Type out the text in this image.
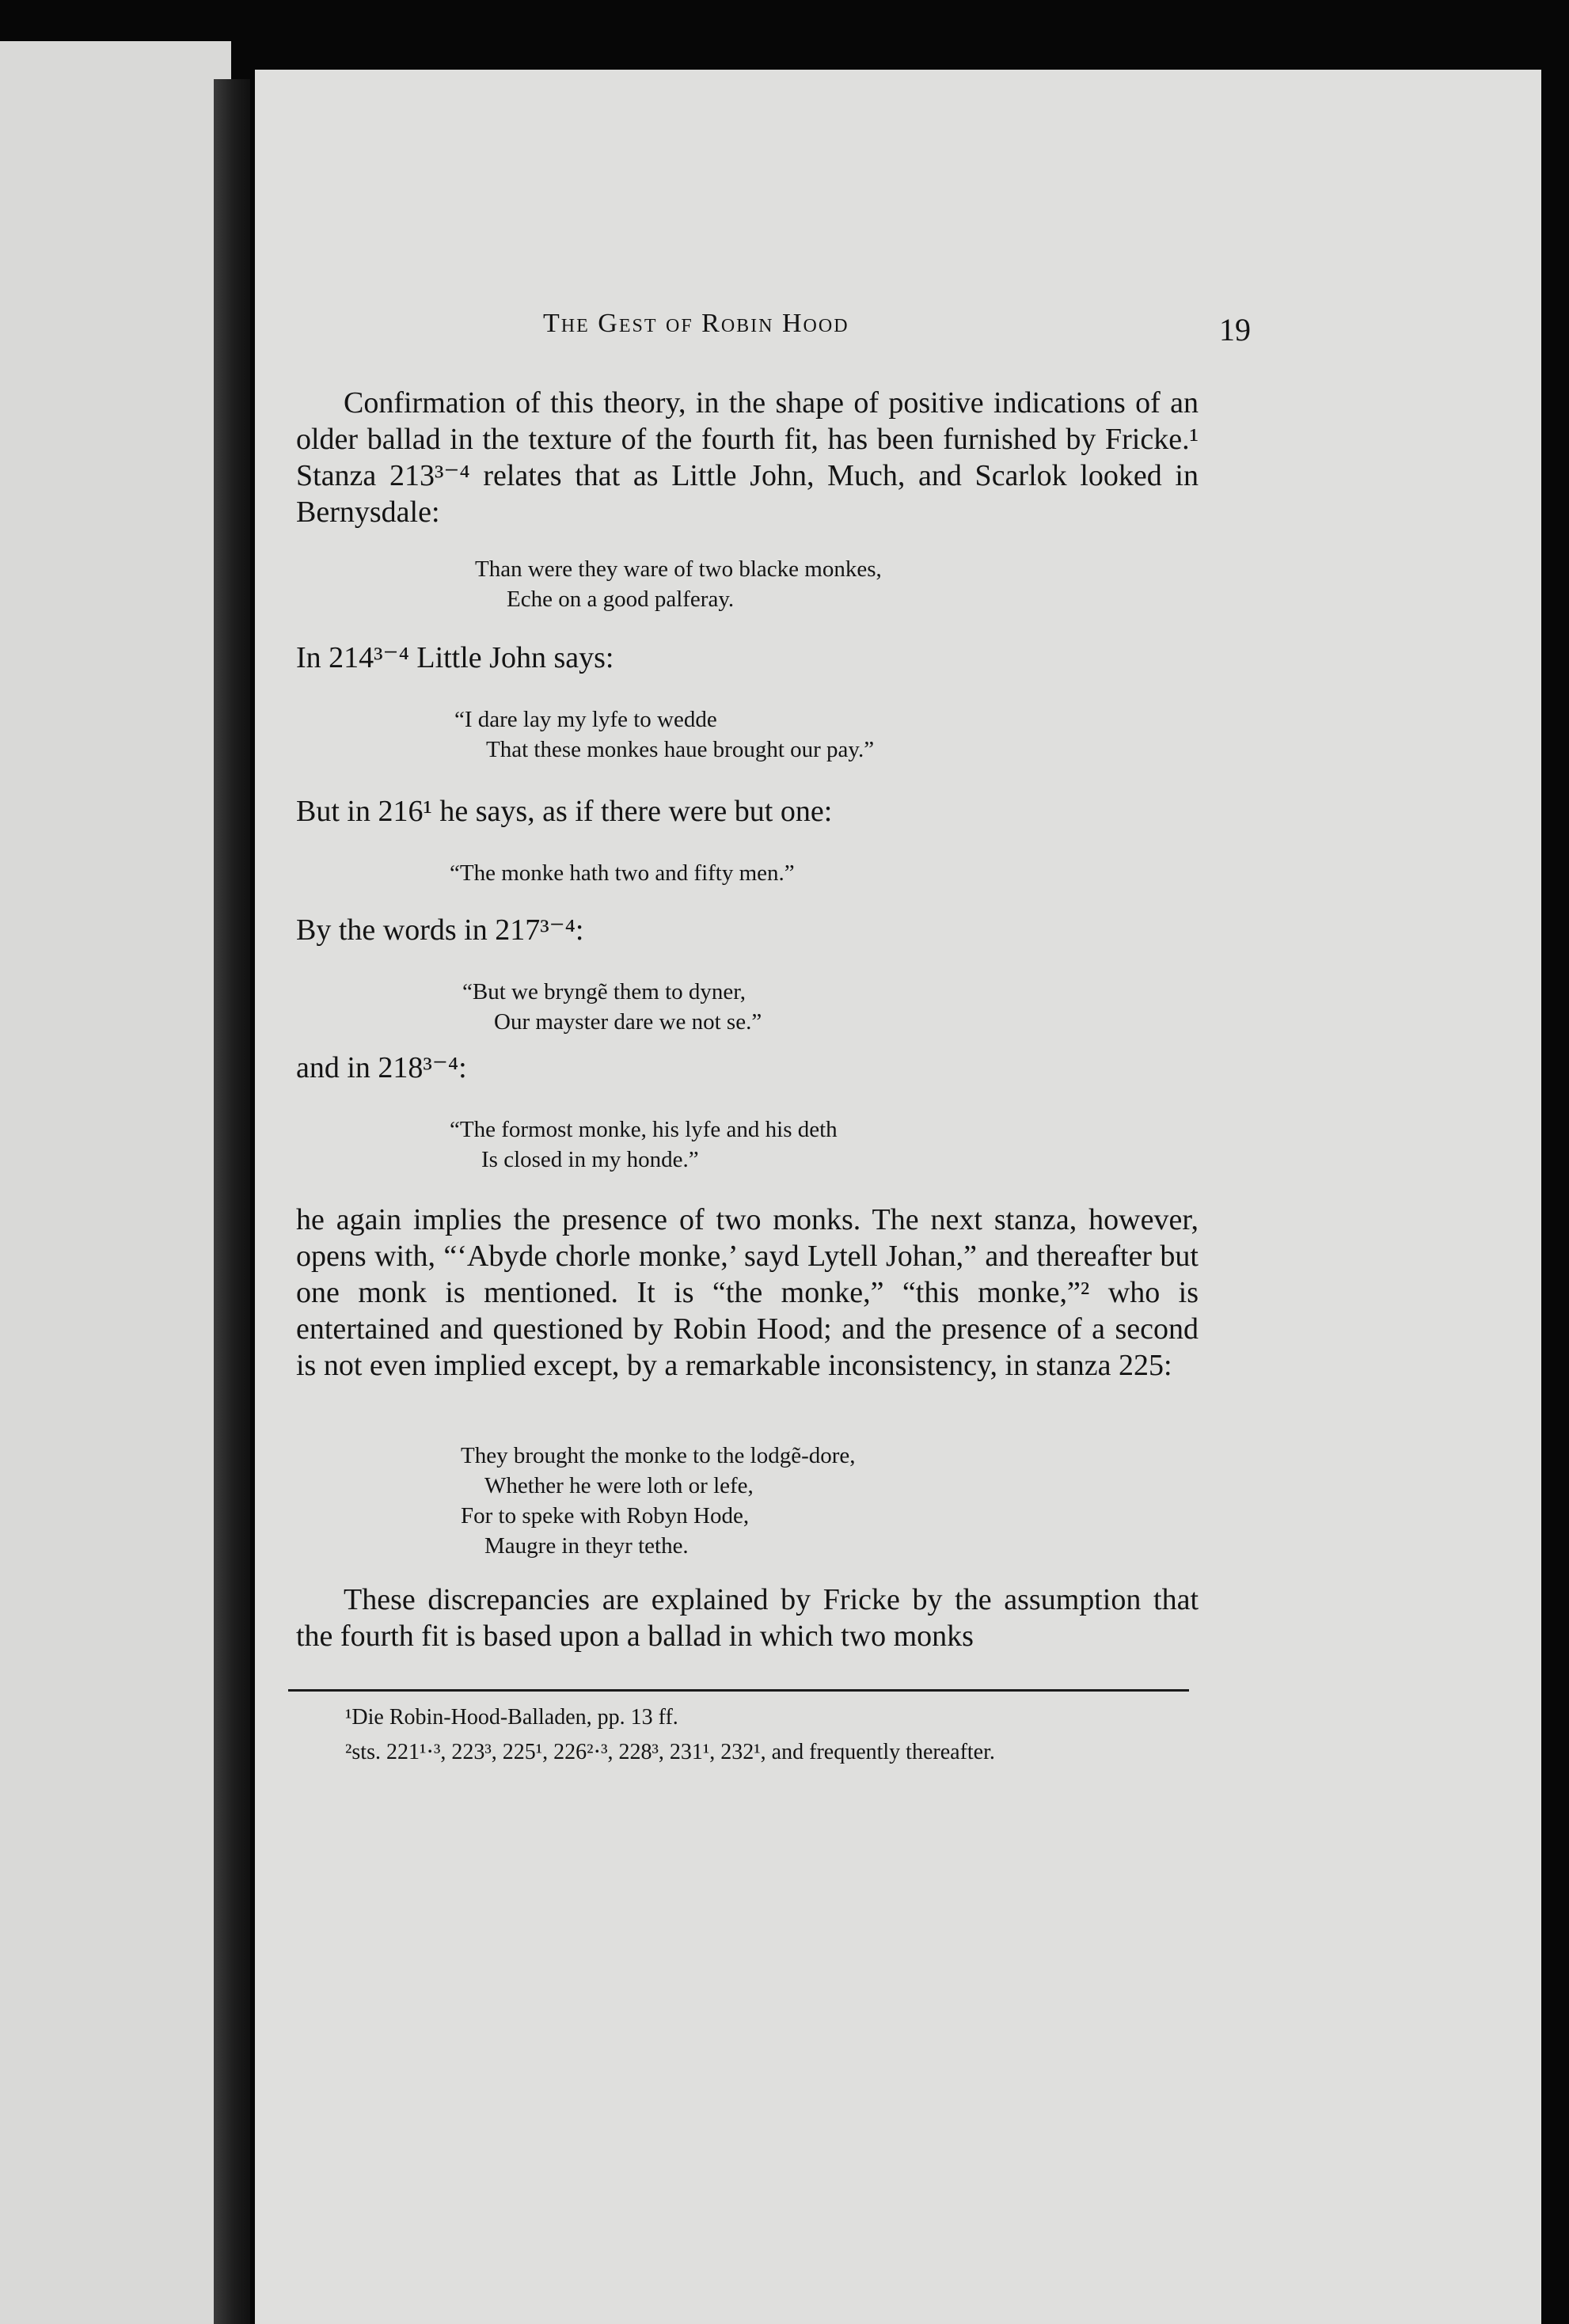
The Gest of Robin Hood	19
Confirmation of this theory, in the shape of positive indications of an older ballad in the texture of the fourth fit, has been furnished by Fricke.¹ Stanza 213³⁻⁴ relates that as Little John, Much, and Scarlok looked in Bernysdale:
Than were they ware of two blacke monkes,
Eche on a good palferay.
In 214³⁻⁴ Little John says:
“I dare lay my lyfe to wedde
That these monkes haue brought our pay.”
But in 216¹ he says, as if there were but one:
“The monke hath two and fifty men.”
By the words in 217³⁻⁴:
“But we bryngẽ them to dyner,
Our mayster dare we not se.”
and in 218³⁻⁴:
“The formost monke, his lyfe and his deth
Is closed in my honde.”
he again implies the presence of two monks. The next stanza, however, opens with, “‘Abyde chorle monke,’ sayd Lytell Johan,” and thereafter but one monk is mentioned. It is “the monke,” “this monke,”² who is entertained and questioned by Robin Hood; and the presence of a second is not even implied except, by a remarkable inconsistency, in stanza 225:
They brought the monke to the lodgẽ-dore,
Whether he were loth or lefe,
For to speke with Robyn Hode,
Maugre in theyr tethe.
These discrepancies are explained by Fricke by the assumption that the fourth fit is based upon a ballad in which two monks
¹Die Robin-Hood-Balladen, pp. 13 ff.
²sts. 221¹⋅³, 223³, 225¹, 226²⋅³, 228³, 231¹, 232¹, and frequently thereafter.
